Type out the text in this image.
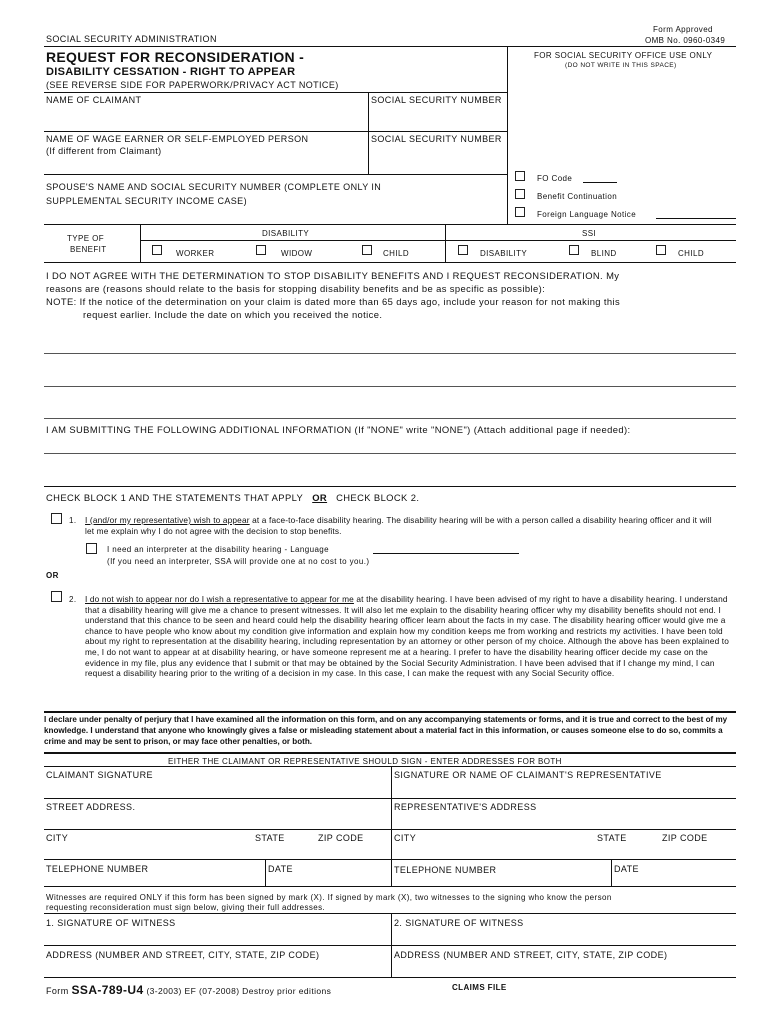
SOCIAL SECURITY ADMINISTRATION
Form Approved
OMB No. 0960-0349
REQUEST FOR RECONSIDERATION -
DISABILITY CESSATION - RIGHT TO APPEAR
(SEE REVERSE SIDE FOR PAPERWORK/PRIVACY ACT NOTICE)
FOR SOCIAL SECURITY OFFICE USE ONLY
(DO NOT WRITE IN THIS SPACE)
NAME OF CLAIMANT	SOCIAL SECURITY NUMBER
NAME OF WAGE EARNER OR SELF-EMPLOYED PERSON
(If different from Claimant)
SOCIAL SECURITY NUMBER
SPOUSE'S NAME AND SOCIAL SECURITY NUMBER (COMPLETE ONLY IN
SUPPLEMENTAL SECURITY INCOME CASE)
FO Code
Benefit Continuation
Foreign Language Notice
TYPE OF
BENEFIT
DISABILITY	SSI
WORKER	WIDOW	CHILD	DISABILITY	BLIND	CHILD
I DO NOT AGREE WITH THE DETERMINATION TO STOP DISABILITY BENEFITS AND I REQUEST RECONSIDERATION. My
reasons are (reasons should relate to the basis for stopping disability benefits and be as specific as possible):
NOTE: If the notice of the determination on your claim is dated more than 65 days ago, include your reason for not making this
request earlier. Include the date on which you received the notice.
I AM SUBMITTING THE FOLLOWING ADDITIONAL INFORMATION (If "NONE" write "NONE") (Attach additional page if needed):
CHECK BLOCK 1 AND THE STATEMENTS THAT APPLY OR CHECK BLOCK 2.
1. I (and/or my representative) wish to appear at a face-to-face disability hearing. The disability hearing will be with a person called a disability hearing officer and it will let me explain why I do not agree with the decision to stop benefits.
I need an interpreter at the disability hearing - Language
(If you need an interpreter, SSA will provide one at no cost to you.)
OR
2. I do not wish to appear nor do I wish a representative to appear for me at the disability hearing. I have been advised of my right to have a disability hearing. I understand that a disability hearing will give me a chance to present witnesses. It will also let me explain to the disability hearing officer why my disability benefits should not end. I understand that this chance to be seen and heard could help the disability hearing officer learn about the facts in my case. The disability hearing officer would give me a chance to have people who know about my condition give information and explain how my condition keeps me from working and restricts my activities. I have been told about my right to representation at the disability hearing, including representation by an attorney or other person of my choice. Although the above has been explained to me, I do not want to appear at at disability hearing, or have someone represent me at a hearing. I prefer to have the disability hearing officer decide my case on the evidence in my file, plus any evidence that I submit or that may be obtained by the Social Security Administration. I have been advised that if I change my mind, I can request a disability hearing prior to the writing of a decision in my case. In this case, I can make the request with any Social Security office.
I declare under penalty of perjury that I have examined all the information on this form, and on any accompanying statements or forms, and it is true and correct to the best of my knowledge. I understand that anyone who knowingly gives a false or misleading statement about a material fact in this information, or causes someone else to do so, commits a crime and may be sent to prison, or may face other penalties, or both.
EITHER THE CLAIMANT OR REPRESENTATIVE SHOULD SIGN - ENTER ADDRESSES FOR BOTH
CLAIMANT SIGNATURE	SIGNATURE OR NAME OF CLAIMANT'S REPRESENTATIVE
STREET ADDRESS.	REPRESENTATIVE'S ADDRESS
CITY	STATE	ZIP CODE	CITY	STATE	ZIP CODE
TELEPHONE NUMBER	DATE	TELEPHONE NUMBER	DATE
Witnesses are required ONLY if this form has been signed by mark (X). If signed by mark (X), two witnesses to the signing who know the person
requesting reconsideration must sign below, giving their full addresses.
1. SIGNATURE OF WITNESS	2. SIGNATURE OF WITNESS
ADDRESS (NUMBER AND STREET, CITY, STATE, ZIP CODE)	ADDRESS (NUMBER AND STREET, CITY, STATE, ZIP CODE)
Form SSA-789-U4 (3-2003) EF (07-2008) Destroy prior editions	CLAIMS FILE
